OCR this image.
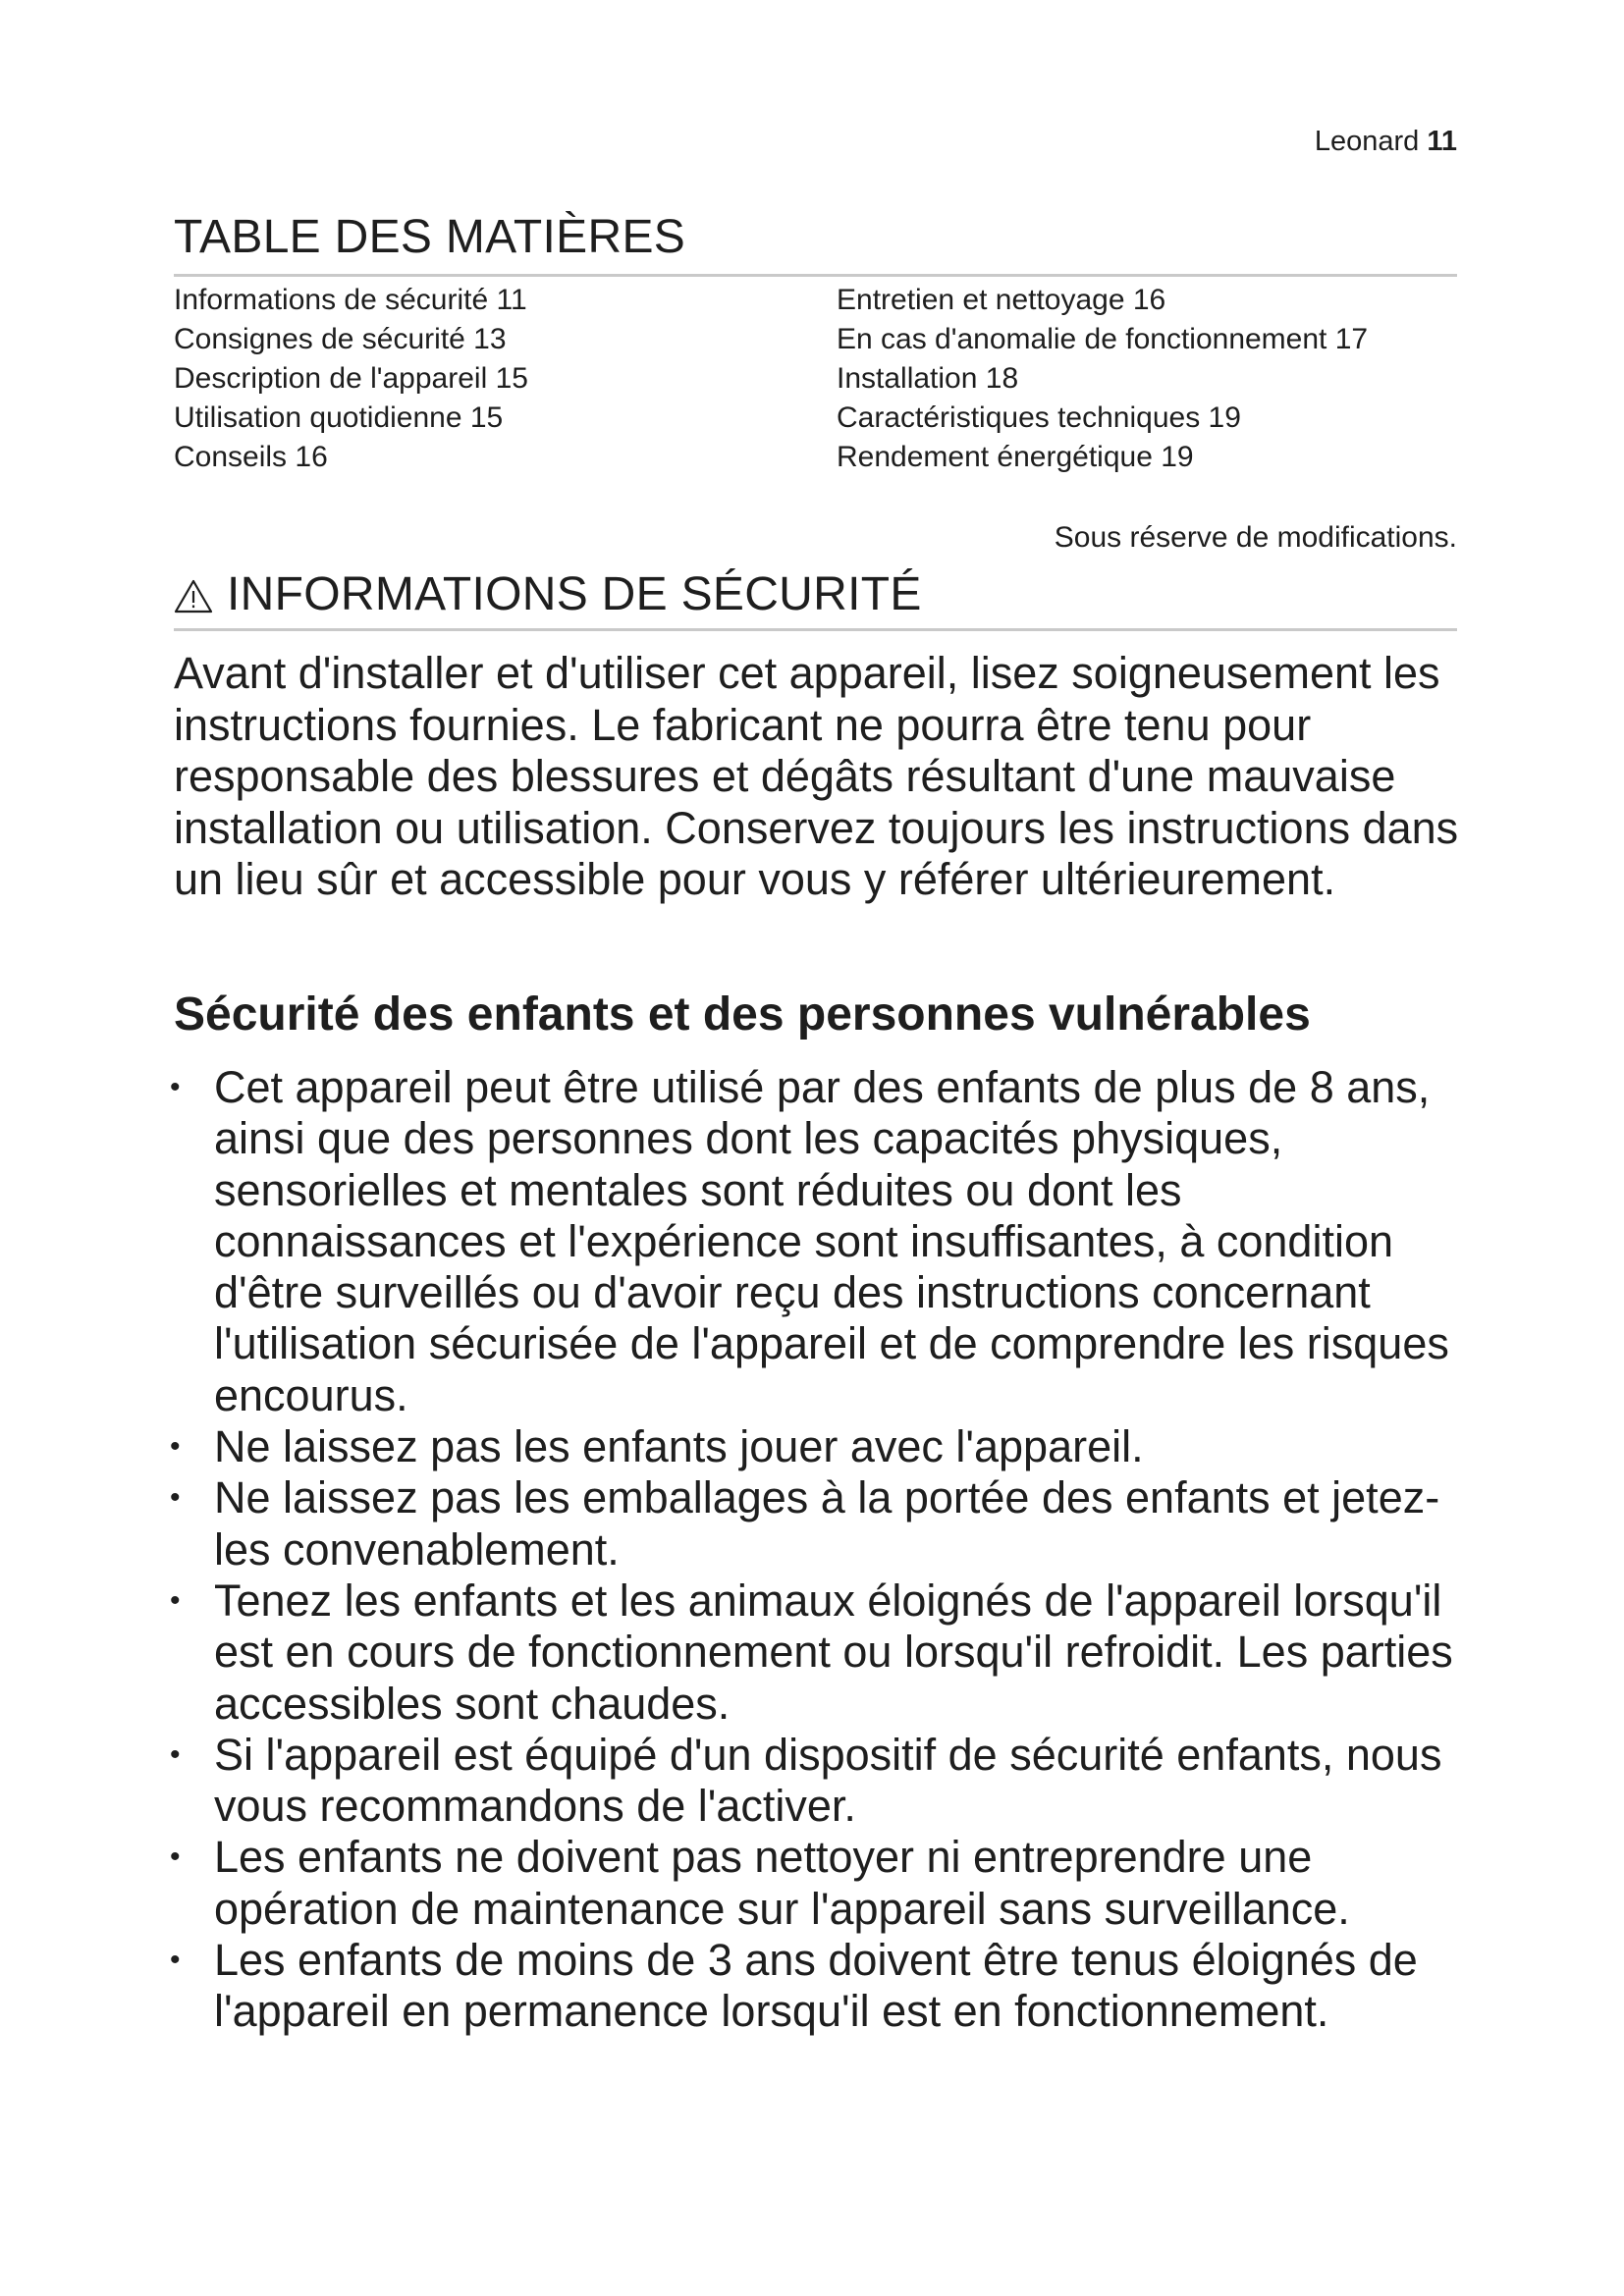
Leonard 11
TABLE DES MATIÈRES
Informations de sécurité 11
Consignes de sécurité 13
Description de l'appareil 15
Utilisation quotidienne 15
Conseils 16
Entretien et nettoyage 16
En cas d'anomalie de fonctionnement 17
Installation 18
Caractéristiques techniques 19
Rendement énergétique 19
Sous réserve de modifications.
INFORMATIONS DE SÉCURITÉ

Avant d'installer et d'utiliser cet appareil, lisez soigneusement les instructions fournies. Le fabricant ne pourra être tenu pour responsable des blessures et dégâts résultant d'une mauvaise installation ou utilisation. Conservez toujours les instructions dans un lieu sûr et accessible pour vous y référer ultérieurement.

Sécurité des enfants et des personnes vulnérables
• Cet appareil peut être utilisé par des enfants de plus de 8 ans, ainsi que des personnes dont les capacités physiques, sensorielles et mentales sont réduites ou dont les connaissances et l'expérience sont insuffisantes, à condition d'être surveillés ou d'avoir reçu des instructions concernant l'utilisation sécurisée de l'appareil et de comprendre les risques encourus.
• Ne laissez pas les enfants jouer avec l'appareil.
• Ne laissez pas les emballages à la portée des enfants et jetez-les convenablement.
• Tenez les enfants et les animaux éloignés de l'appareil lorsqu'il est en cours de fonctionnement ou lorsqu'il refroidit. Les parties accessibles sont chaudes.
• Si l'appareil est équipé d'un dispositif de sécurité enfants, nous vous recommandons de l'activer.
• Les enfants ne doivent pas nettoyer ni entreprendre une opération de maintenance sur l'appareil sans surveillance.
• Les enfants de moins de 3 ans doivent être tenus éloignés de l'appareil en permanence lorsqu'il est en fonctionnement.
